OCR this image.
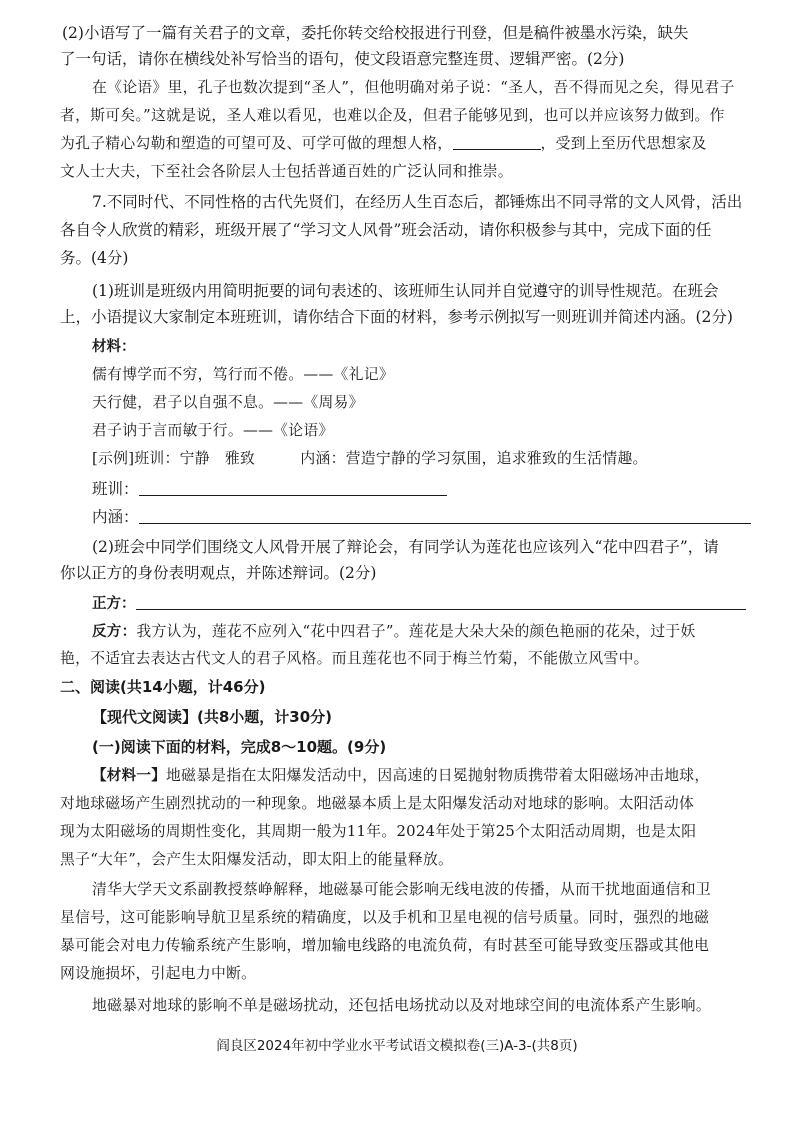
(2)小语写了一篇有关君子的文章，委托你转交给校报进行刊登，但是稿件被墨水污染，缺失
了一句话，请你在横线处补写恰当的语句，使文段语意完整连贯、逻辑严密。(2分)
在《论语》里，孔子也数次提到“圣人”，但他明确对弟子说：“圣人，吾不得而见之矣，得见君子
者，斯可矣。”这就是说，圣人难以看见，也难以企及，但君子能够见到，也可以并应该努力做到。作
为孔子精心勾勒和塑造的可望可及、可学可做的理想人格，	，受到上至历代思想家及
文人士大夫，下至社会各阶层人士包括普通百姓的广泛认同和推崇。
7.不同时代、不同性格的古代先贤们，在经历人生百态后，都锤炼出不同寻常的文人风骨，活出
各自令人欣赏的精彩，班级开展了“学习文人风骨”班会活动，请你积极参与其中，完成下面的任
务。(4分)
(1)班训是班级内用简明扼要的词句表述的、该班师生认同并自觉遵守的训导性规范。在班会
上，小语提议大家制定本班班训，请你结合下面的材料，参考示例拟写一则班训并简述内涵。(2分)
材料：
儒有博学而不穷，笃行而不倦。——《礼记》
天行健，君子以自强不息。——《周易》
君子讷于言而敏于行。——《论语》
[示例]班训：宁静　雅致　　　内涵：营造宁静的学习氛围，追求雅致的生活情趣。
班训：
内涵：
(2)班会中同学们围绕文人风骨开展了辩论会，有同学认为莲花也应该列入“花中四君子”，请
你以正方的身份表明观点，并陈述辩词。(2分)
正方：
反方：我方认为，莲花不应列入“花中四君子”。莲花是大朵大朵的颜色艳丽的花朵，过于妖
艳，不适宜去表达古代文人的君子风格。而且莲花也不同于梅兰竹菊，不能傲立风雪中。
二、阅读(共14小题，计46分)
【现代文阅读】(共8小题，计30分)
(一)阅读下面的材料，完成8～10题。(9分)
【材料一】地磁暴是指在太阳爆发活动中，因高速的日冕抛射物质携带着太阳磁场冲击地球，
对地球磁场产生剧烈扰动的一种现象。地磁暴本质上是太阳爆发活动对地球的影响。太阳活动体
现为太阳磁场的周期性变化，其周期一般为11年。2024年处于第25个太阳活动周期，也是太阳
黑子“大年”，会产生太阳爆发活动，即太阳上的能量释放。
清华大学天文系副教授蔡峥解释，地磁暴可能会影响无线电波的传播，从而干扰地面通信和卫
星信号，这可能影响导航卫星系统的精确度，以及手机和卫星电视的信号质量。同时，强烈的地磁
暴可能会对电力传输系统产生影响，增加输电线路的电流负荷，有时甚至可能导致变压器或其他电
网设施损坏，引起电力中断。
地磁暴对地球的影响不单是磁场扰动，还包括电场扰动以及对地球空间的电流体系产生影响。
阎良区2024年初中学业水平考试语文模拟卷(三)A-3-(共8页)
